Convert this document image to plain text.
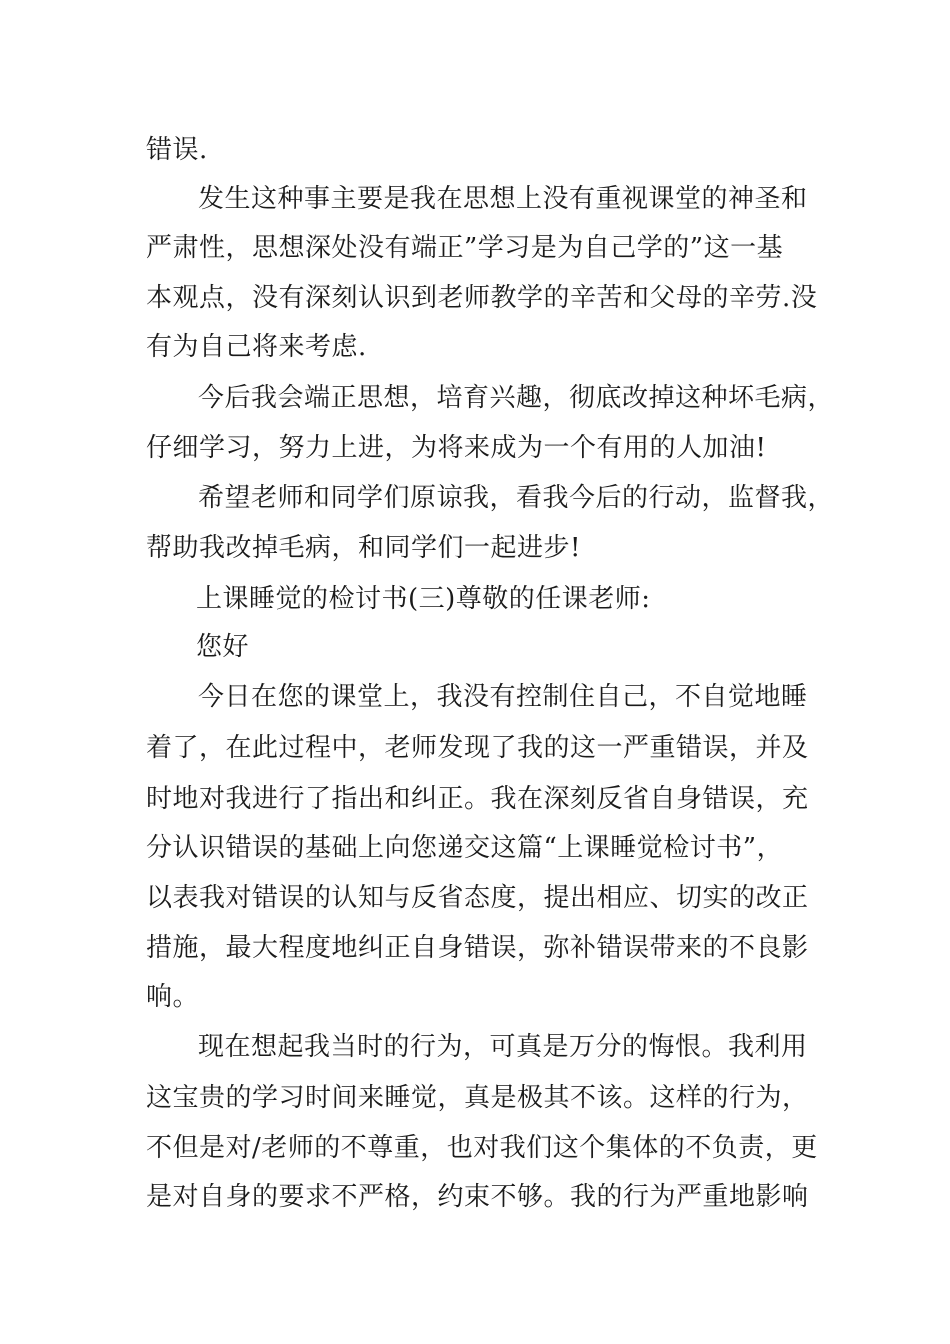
错误.
发生这种事主要是我在思想上没有重视课堂的神圣和
严肃性，思想深处没有端正”学习是为自己学的”这一基
本观点，没有深刻认识到老师教学的辛苦和父母的辛劳.没
有为自己将来考虑.
今后我会端正思想，培育兴趣，彻底改掉这种坏毛病，
仔细学习，努力上进，为将来成为一个有用的人加油!
希望老师和同学们原谅我，看我今后的行动，监督我，
帮助我改掉毛病，和同学们一起进步!
上课睡觉的检讨书(三)尊敬的任课老师:
您好
今日在您的课堂上，我没有控制住自己，不自觉地睡
着了，在此过程中，老师发现了我的这一严重错误，并及
时地对我进行了指出和纠正。我在深刻反省自身错误，充
分认识错误的基础上向您递交这篇“上课睡觉检讨书”，
以表我对错误的认知与反省态度，提出相应、切实的改正
措施，最大程度地纠正自身错误，弥补错误带来的不良影
响。
现在想起我当时的行为，可真是万分的悔恨。我利用
这宝贵的学习时间来睡觉，真是极其不该。这样的行为，
不但是对/老师的不尊重，也对我们这个集体的不负责，更
是对自身的要求不严格，约束不够。我的行为严重地影响
